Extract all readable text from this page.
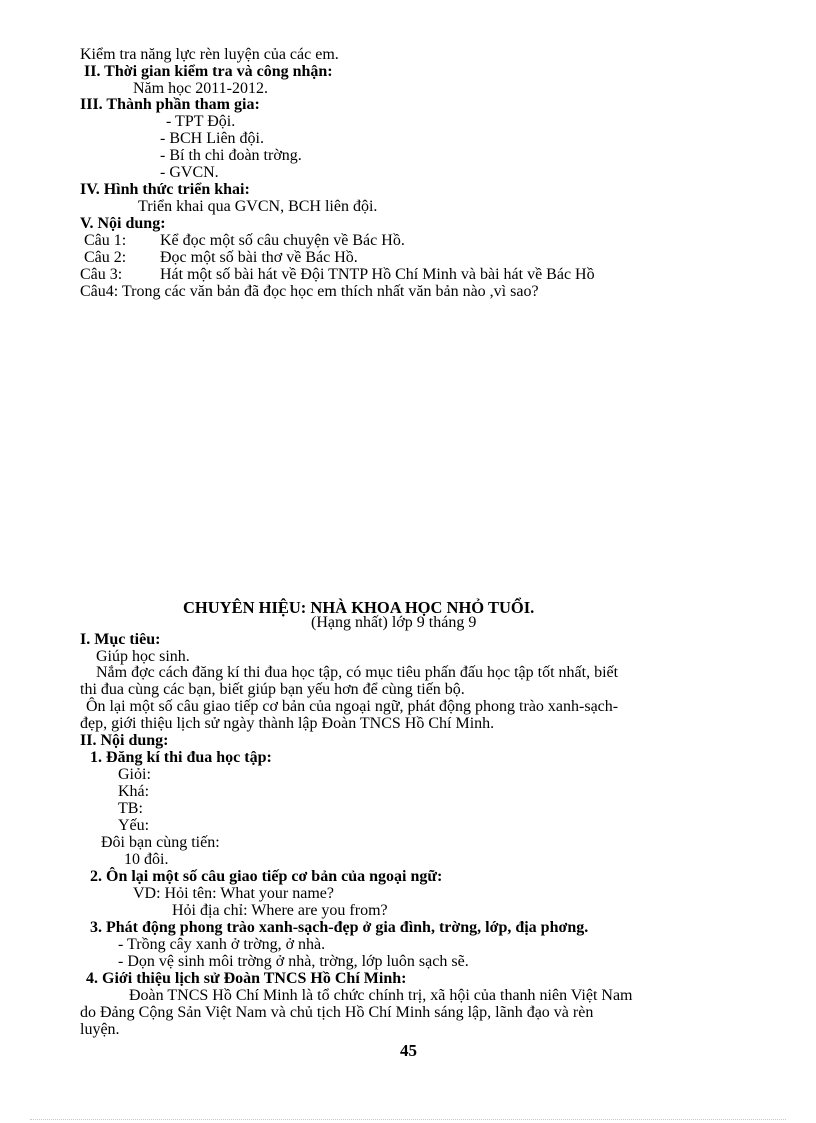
Kiểm tra năng lực rèn luyện của các em.
II. Thời gian kiểm tra và công nhận:
Năm học 2011-2012.
III. Thành phần tham gia:
- TPT Đội.
- BCH Liên đội.
- Bí th chi đoàn trờng.
- GVCN.
IV. Hình thức triển khai:
Triển khai qua GVCN, BCH liên đội.
V. Nội dung:
Câu 1: Kể đọc một số câu chuyện về Bác Hồ.
Câu 2: Đọc một số bài thơ về Bác Hồ.
Câu 3: Hát một số bài hát về Đội TNTP Hồ Chí Minh và bài hát về Bác Hồ
Câu4: Trong các văn bản đã đọc học em thích nhất văn bản nào ,vì sao?
CHUYÊN HIỆU: NHÀ KHOA HỌC NHỎ TUỔI.
(Hạng nhất) lớp 9 tháng 9
I. Mục tiêu:
Giúp học sinh.
Nắm đợc cách đăng kí thi đua học tập, có mục tiêu phấn đấu học tập tốt nhất, biết
thi đua cùng các bạn, biết giúp bạn yếu hơn để cùng tiến bộ.
Ôn lại một số câu giao tiếp cơ bản của ngoại ngữ, phát động phong trào xanh-sạch-
đẹp, giới thiệu lịch sử ngày thành lập Đoàn TNCS Hồ Chí Minh.
II. Nội dung:
1. Đăng kí thi đua học tập:
Giỏi:
Khá:
TB:
Yếu:
Đôi bạn cùng tiến:
10 đôi.
2. Ôn lại một số câu giao tiếp cơ bản của ngoại ngữ:
VD: Hỏi tên: What your name?
Hỏi địa chỉ: Where are you from?
3. Phát động phong trào xanh-sạch-đẹp ở gia đình, trờng, lớp, địa phơng.
- Trồng cây xanh ở trờng, ở nhà.
- Dọn vệ sinh môi trờng ở nhà, trờng, lớp luôn sạch sẽ.
4. Giới thiệu lịch sử Đoàn TNCS Hồ Chí Minh:
Đoàn TNCS Hồ Chí Minh là tổ chức chính trị, xã hội của thanh niên Việt Nam
do Đảng Cộng Sản Việt Nam và chủ tịch Hồ Chí Minh sáng lập, lãnh đạo và rèn
luyện.
45
